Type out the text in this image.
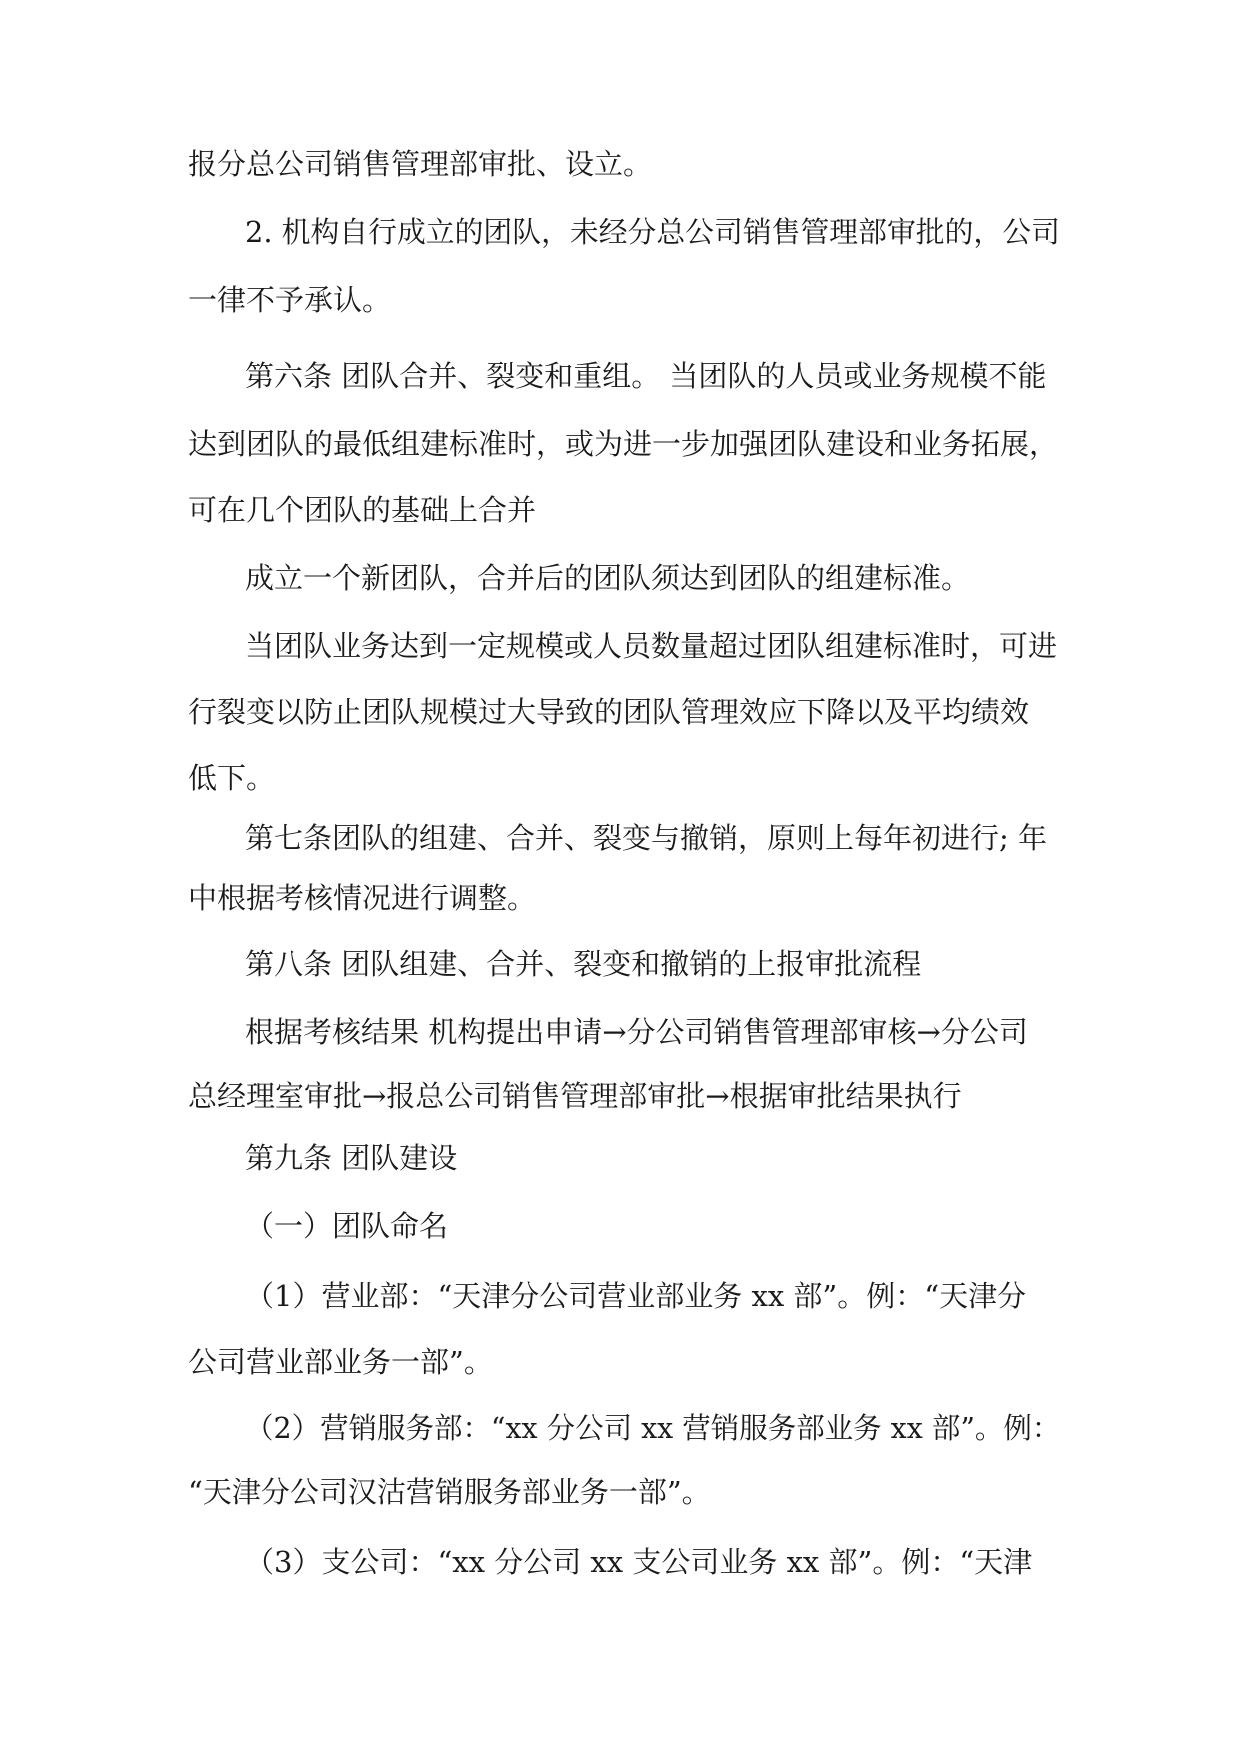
报分总公司销售管理部审批、设立。

2. 机构自行成立的团队，未经分总公司销售管理部审批的，公司

一律不予承认。

第六条 团队合并、裂变和重组。 当团队的人员或业务规模不能

达到团队的最低组建标准时，或为进一步加强团队建设和业务拓展，

可在几个团队的基础上合并

成立一个新团队，合并后的团队须达到团队的组建标准。

当团队业务达到一定规模或人员数量超过团队组建标准时，可进

行裂变以防止团队规模过大导致的团队管理效应下降以及平均绩效

低下。

第七条团队的组建、合并、裂变与撤销，原则上每年初进行; 年

中根据考核情况进行调整。

第八条 团队组建、合并、裂变和撤销的上报审批流程

根据考核结果 机构提出申请→分公司销售管理部审核→分公司

总经理室审批→报总公司销售管理部审批→根据审批结果执行

第九条 团队建设

（一）团队命名

（1）营业部：“天津分公司营业部业务 xx 部”。例：“天津分

公司营业部业务一部”。

（2）营销服务部：“xx 分公司 xx 营销服务部业务 xx 部”。例：

“天津分公司汉沽营销服务部业务一部”。

（3）支公司：“xx 分公司 xx 支公司业务 xx 部”。例：“天津
